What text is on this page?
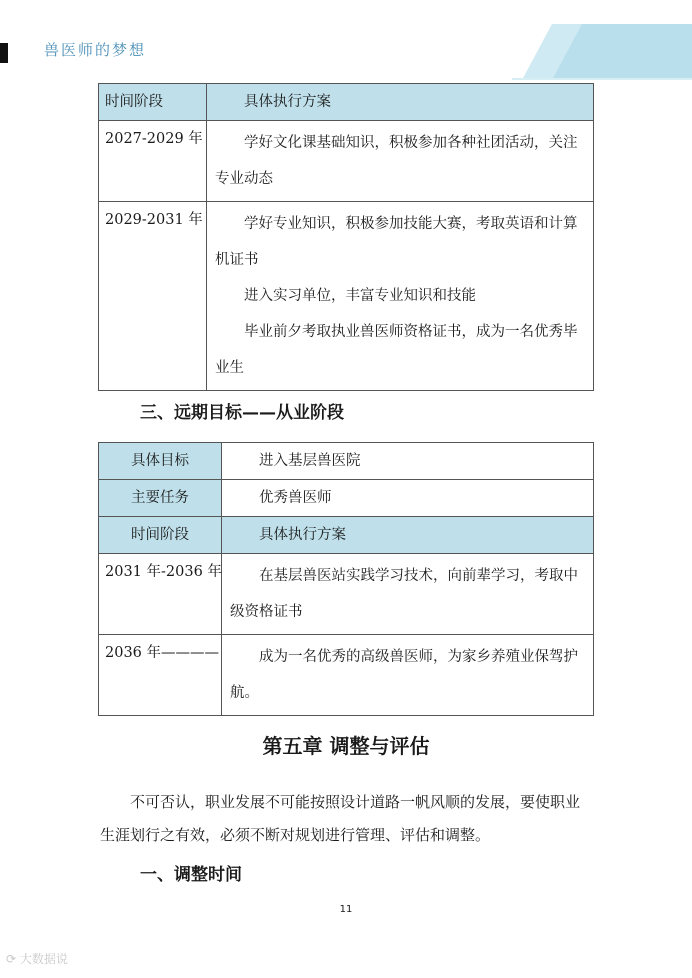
兽医师的梦想
时间阶段	具体执行方案

2027-2029 年	学好文化课基础知识，积极参加各种社团活动，关注专业动态

2029-2031 年	学好专业知识，积极参加技能大赛，考取英语和计算机证书

进入实习单位，丰富专业知识和技能

毕业前夕考取执业兽医师资格证书，成为一名优秀毕业生

三、远期目标——从业阶段
具体目标	进入基层兽医院

主要任务	优秀兽医师

时间阶段	具体执行方案

2031 年-2036 年	在基层兽医站实践学习技术，向前辈学习，考取中级资格证书

2036 年————	成为一名优秀的高级兽医师，为家乡养殖业保驾护航。

第五章 调整与评估

不可否认，职业发展不可能按照设计道路一帆风顺的发展，要使职业生涯划行之有效，必须不断对规划进行管理、评估和调整。

一、调整时间
11
⟳ 大数据说
